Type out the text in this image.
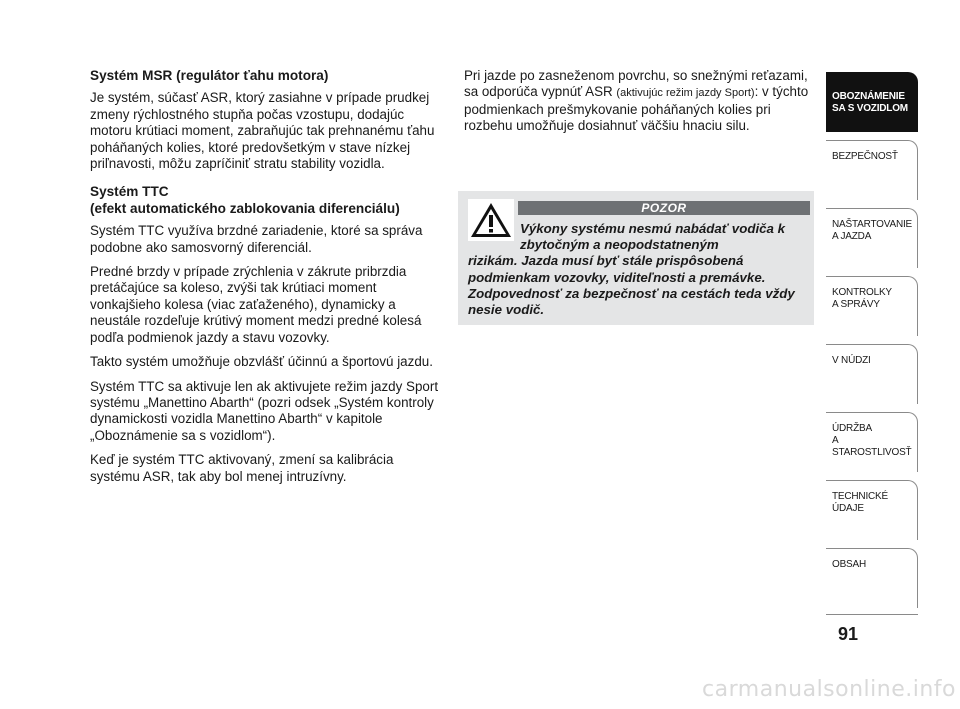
Systém MSR (regulátor ťahu motora)

Je systém, súčasť ASR, ktorý zasiahne v prípade prudkej zmeny rýchlostného stupňa počas vzostupu, dodajúc motoru krútiaci moment, zabraňujúc tak prehnanému ťahu poháňaných kolies, ktoré predovšetkým v stave nízkej priľnavosti, môžu zapríčiniť stratu stability vozidla.

Systém TTC
(efekt automatického zablokovania diferenciálu)

Systém TTC využíva brzdné zariadenie, ktoré sa správa podobne ako samosvorný diferenciál.

Predné brzdy v prípade zrýchlenia v zákrute pribrzdia pretáčajúce sa koleso, zvýši tak krútiaci moment vonkajšieho kolesa (viac zaťaženého), dynamicky a neustále rozdeľuje krútivý moment medzi predné kolesá podľa podmienok jazdy a stavu vozovky.

Takto systém umožňuje obzvlášť účinnú a športovú jazdu.

Systém TTC sa aktivuje len ak aktivujete režim jazdy Sport systému „Manettino Abarth“ (pozri odsek „Systém kontroly dynamickosti vozidla Manettino Abarth“ v kapitole „Oboznámenie sa s vozidlom“).

Keď je systém TTC aktivovaný, zmení sa kalibrácia systému ASR, tak aby bol menej intruzívny.

Pri jazde po zasneženom povrchu, so snežnými reťazami, sa odporúča vypnúť ASR (aktivujúc režim jazdy Sport): v týchto podmienkach prešmykovanie poháňaných kolies pri rozbehu umožňuje dosiahnuť väčšiu hnaciu silu.

POZOR
Výkony systému nesmú nabádať vodiča k zbytočným a neopodstatneným
rizikám. Jazda musí byť stále prispôsobená podmienkam vozovky, viditeľnosti a premávke. Zodpovednosť za bezpečnosť na cestách teda vždy nesie vodič.
OBOZNÁMENIE
SA S VOZIDLOM
BEZPEČNOSŤ
NAŠTARTOVANIE
A JAZDA
KONTROLKY
A SPRÁVY
V NÚDZI
ÚDRŽBA
A STAROSTLIVOSŤ
TECHNICKÉ
ÚDAJE
OBSAH
91
carmanualsonline.info
